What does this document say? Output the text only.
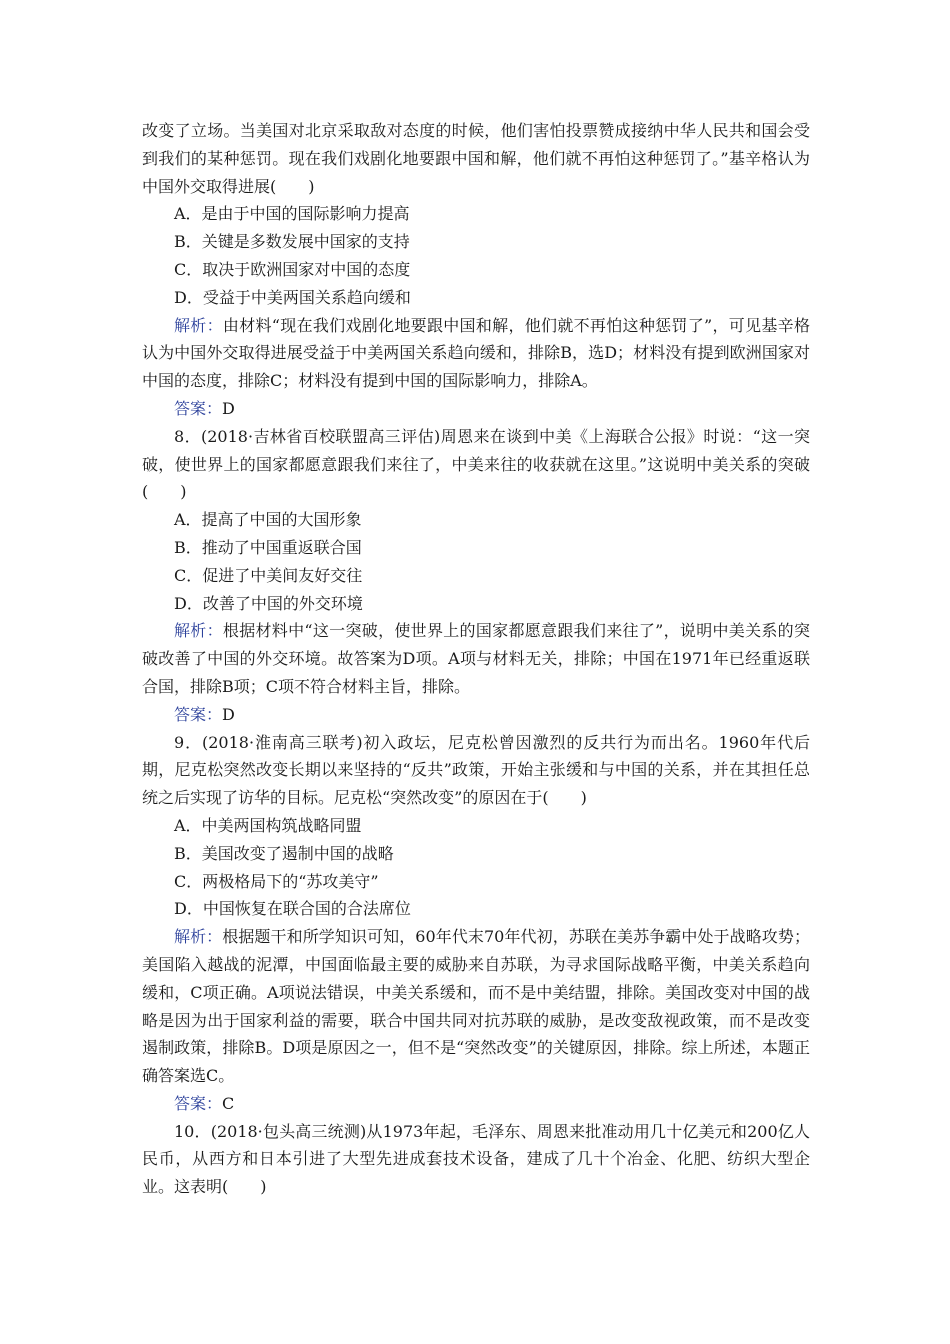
改变了立场。当美国对北京采取敌对态度的时候，他们害怕投票赞成接纳中华人民共和国会受到我们的某种惩罚。现在我们戏剧化地要跟中国和解，他们就不再怕这种惩罚了。”基辛格认为中国外交取得进展(　　)

A．是由于中国的国际影响力提高

B．关键是多数发展中国家的支持

C．取决于欧洲国家对中国的态度

D．受益于中美两国关系趋向缓和

解析：由材料“现在我们戏剧化地要跟中国和解，他们就不再怕这种惩罚了”，可见基辛格认为中国外交取得进展受益于中美两国关系趋向缓和，排除B，选D；材料没有提到欧洲国家对中国的态度，排除C；材料没有提到中国的国际影响力，排除A。

答案：D

8．(2018·吉林省百校联盟高三评估)周恩来在谈到中美《上海联合公报》时说：“这一突破，使世界上的国家都愿意跟我们来往了，中美来往的收获就在这里。”这说明中美关系的突破(　　)

A．提高了中国的大国形象

B．推动了中国重返联合国

C．促进了中美间友好交往

D．改善了中国的外交环境

解析：根据材料中“这一突破，使世界上的国家都愿意跟我们来往了”，说明中美关系的突破改善了中国的外交环境。故答案为D项。A项与材料无关，排除；中国在1971年已经重返联合国，排除B项；C项不符合材料主旨，排除。

答案：D

9．(2018·淮南高三联考)初入政坛，尼克松曾因激烈的反共行为而出名。1960年代后期，尼克松突然改变长期以来坚持的“反共”政策，开始主张缓和与中国的关系，并在其担任总统之后实现了访华的目标。尼克松“突然改变”的原因在于(　　)

A．中美两国构筑战略同盟

B．美国改变了遏制中国的战略

C．两极格局下的“苏攻美守”

D．中国恢复在联合国的合法席位

解析：根据题干和所学知识可知，60年代末70年代初，苏联在美苏争霸中处于战略攻势；美国陷入越战的泥潭，中国面临最主要的威胁来自苏联，为寻求国际战略平衡，中美关系趋向缓和，C项正确。A项说法错误，中美关系缓和，而不是中美结盟，排除。美国改变对中国的战略是因为出于国家利益的需要，联合中国共同对抗苏联的威胁，是改变敌视政策，而不是改变遏制政策，排除B。D项是原因之一，但不是“突然改变”的关键原因，排除。综上所述，本题正确答案选C。

答案：C

10．(2018·包头高三统测)从1973年起，毛泽东、周恩来批准动用几十亿美元和200亿人民币，从西方和日本引进了大型先进成套技术设备，建成了几十个冶金、化肥、纺织大型企业。这表明(　　)
